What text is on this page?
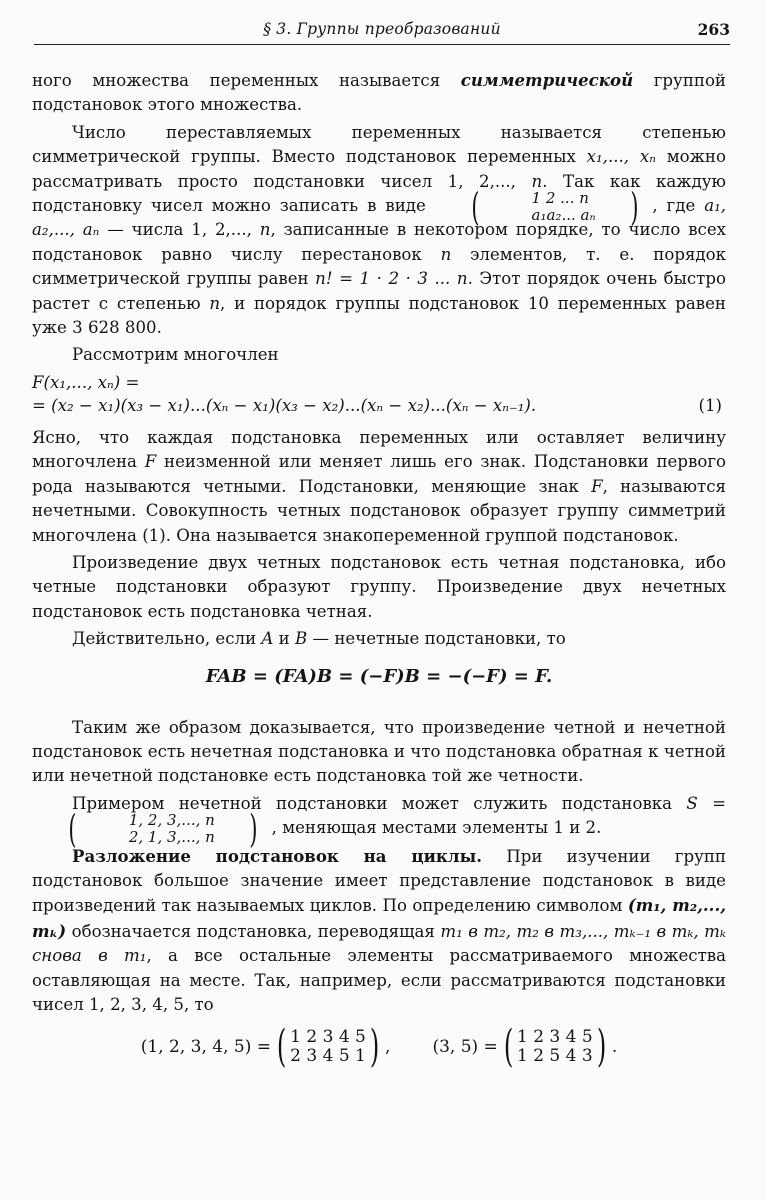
§ 3. Группы преобразований	263

ного множества переменных называется симметрической группой подстановок этого множества.

Число переставляемых переменных называется степенью симметрической группы. Вместо подстановок переменных x₁,..., xₙ можно рассматривать просто подстановки чисел 1, 2,..., n. Так как каждую подстановку чисел можно записать в виде (	1 2 ... n
a₁a₂... aₙ ) , где a₁, a₂,..., aₙ — числа 1, 2,..., n, записанные в некотором порядке, то число всех подстановок равно числу перестановок n элементов, т. е. порядок симметрической группы равен n! = 1 · 2 · 3 ... n. Этот порядок очень быстро растет с степенью n, и порядок группы подстановок 10 переменных равен уже 3 628 800.

Рассмотрим многочлен

F(x₁,..., xₙ) =
= (x₂ − x₁)(x₃ − x₁)...(xₙ − x₁)(x₃ − x₂)...(xₙ − x₂)...(xₙ − xₙ₋₁).	(1)

Ясно, что каждая подстановка переменных или оставляет величину многочлена F неизменной или меняет лишь его знак. Подстановки первого рода называются четными. Подстановки, меняющие знак F, называются нечетными. Совокупность четных подстановок образует группу симметрий многочлена (1). Она называется знакопеременной группой подстановок.

Произведение двух четных подстановок есть четная подстановка, ибо четные подстановки образуют группу. Произведение двух нечетных подстановок есть подстановка четная.

Действительно, если A и B — нечетные подстановки, то

FAB = (FA)B = (−F)B = −(−F) = F.

Таким же образом доказывается, что произведение четной и нечетной подстановок есть нечетная подстановка и что подстановка обратная к четной или нечетной подстановке есть подстановка той же четности.

Примером нечетной подстановки может служить подстановка S =
(	1, 2, 3,..., n
2, 1, 3,..., n ) , меняющая местами элементы 1 и 2.

Разложение подстановок на циклы. При изучении групп подстановок большое значение имеет представление подстановок в виде произведений так называемых циклов. По определению символом (m₁, m₂,..., mₖ) обозначается подстановка, переводящая m₁ в m₂, m₂ в m₃,..., mₖ₋₁ в mₖ, mₖ снова в m₁, а все остальные элементы рассматриваемого множества оставляющая на месте. Так, например, если рассматриваются подстановки чисел 1, 2, 3, 4, 5, то

(1, 2, 3, 4, 5) = ( 1 2 3 4 5
2 3 4 5 1 ) , (3, 5) = ( 1 2 3 4 5
1 2 5 4 3 ) .
